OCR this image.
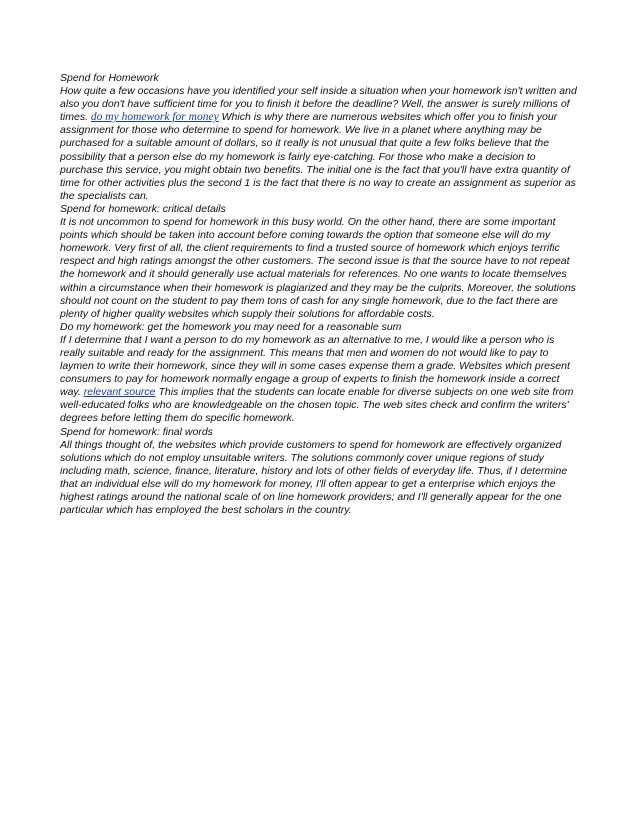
Spend for Homework

How quite a few occasions have you identified your self inside a situation when your homework isn't written and also you don't have sufficient time for you to finish it before the deadline? Well, the answer is surely millions of times. do my homework for money Which is why there are numerous websites which offer you to finish your assignment for those who determine to spend for homework. We live in a planet where anything may be purchased for a suitable amount of dollars, so it really is not unusual that quite a few folks believe that the possibility that a person else do my homework is fairly eye-catching. For those who make a decision to purchase this service, you might obtain two benefits. The initial one is the fact that you'll have extra quantity of time for other activities plus the second 1 is the fact that there is no way to create an assignment as superior as the specialists can.

Spend for homework: critical details

It is not uncommon to spend for homework in this busy world. On the other hand, there are some important points which should be taken into account before coming towards the option that someone else will do my homework. Very first of all, the client requirements to find a trusted source of homework which enjoys terrific respect and high ratings amongst the other customers. The second issue is that the source have to not repeat the homework and it should generally use actual materials for references. No one wants to locate themselves within a circumstance when their homework is plagiarized and they may be the culprits. Moreover, the solutions should not count on the student to pay them tons of cash for any single homework, due to the fact there are plenty of higher quality websites which supply their solutions for affordable costs.

Do my homework: get the homework you may need for a reasonable sum

If I determine that I want a person to do my homework as an alternative to me, I would like a person who is really suitable and ready for the assignment. This means that men and women do not would like to pay to laymen to write their homework, since they will in some cases expense them a grade. Websites which present consumers to pay for homework normally engage a group of experts to finish the homework inside a correct way. relevant source This implies that the students can locate enable for diverse subjects on one web site from well-educated folks who are knowledgeable on the chosen topic. The web sites check and confirm the writers' degrees before letting them do specific homework.

Spend for homework: final words

All things thought of, the websites which provide customers to spend for homework are effectively organized solutions which do not employ unsuitable writers. The solutions commonly cover unique regions of study including math, science, finance, literature, history and lots of other fields of everyday life. Thus, if I determine that an individual else will do my homework for money, I'll often appear to get a enterprise which enjoys the highest ratings around the national scale of on line homework providers; and I'll generally appear for the one particular which has employed the best scholars in the country.
